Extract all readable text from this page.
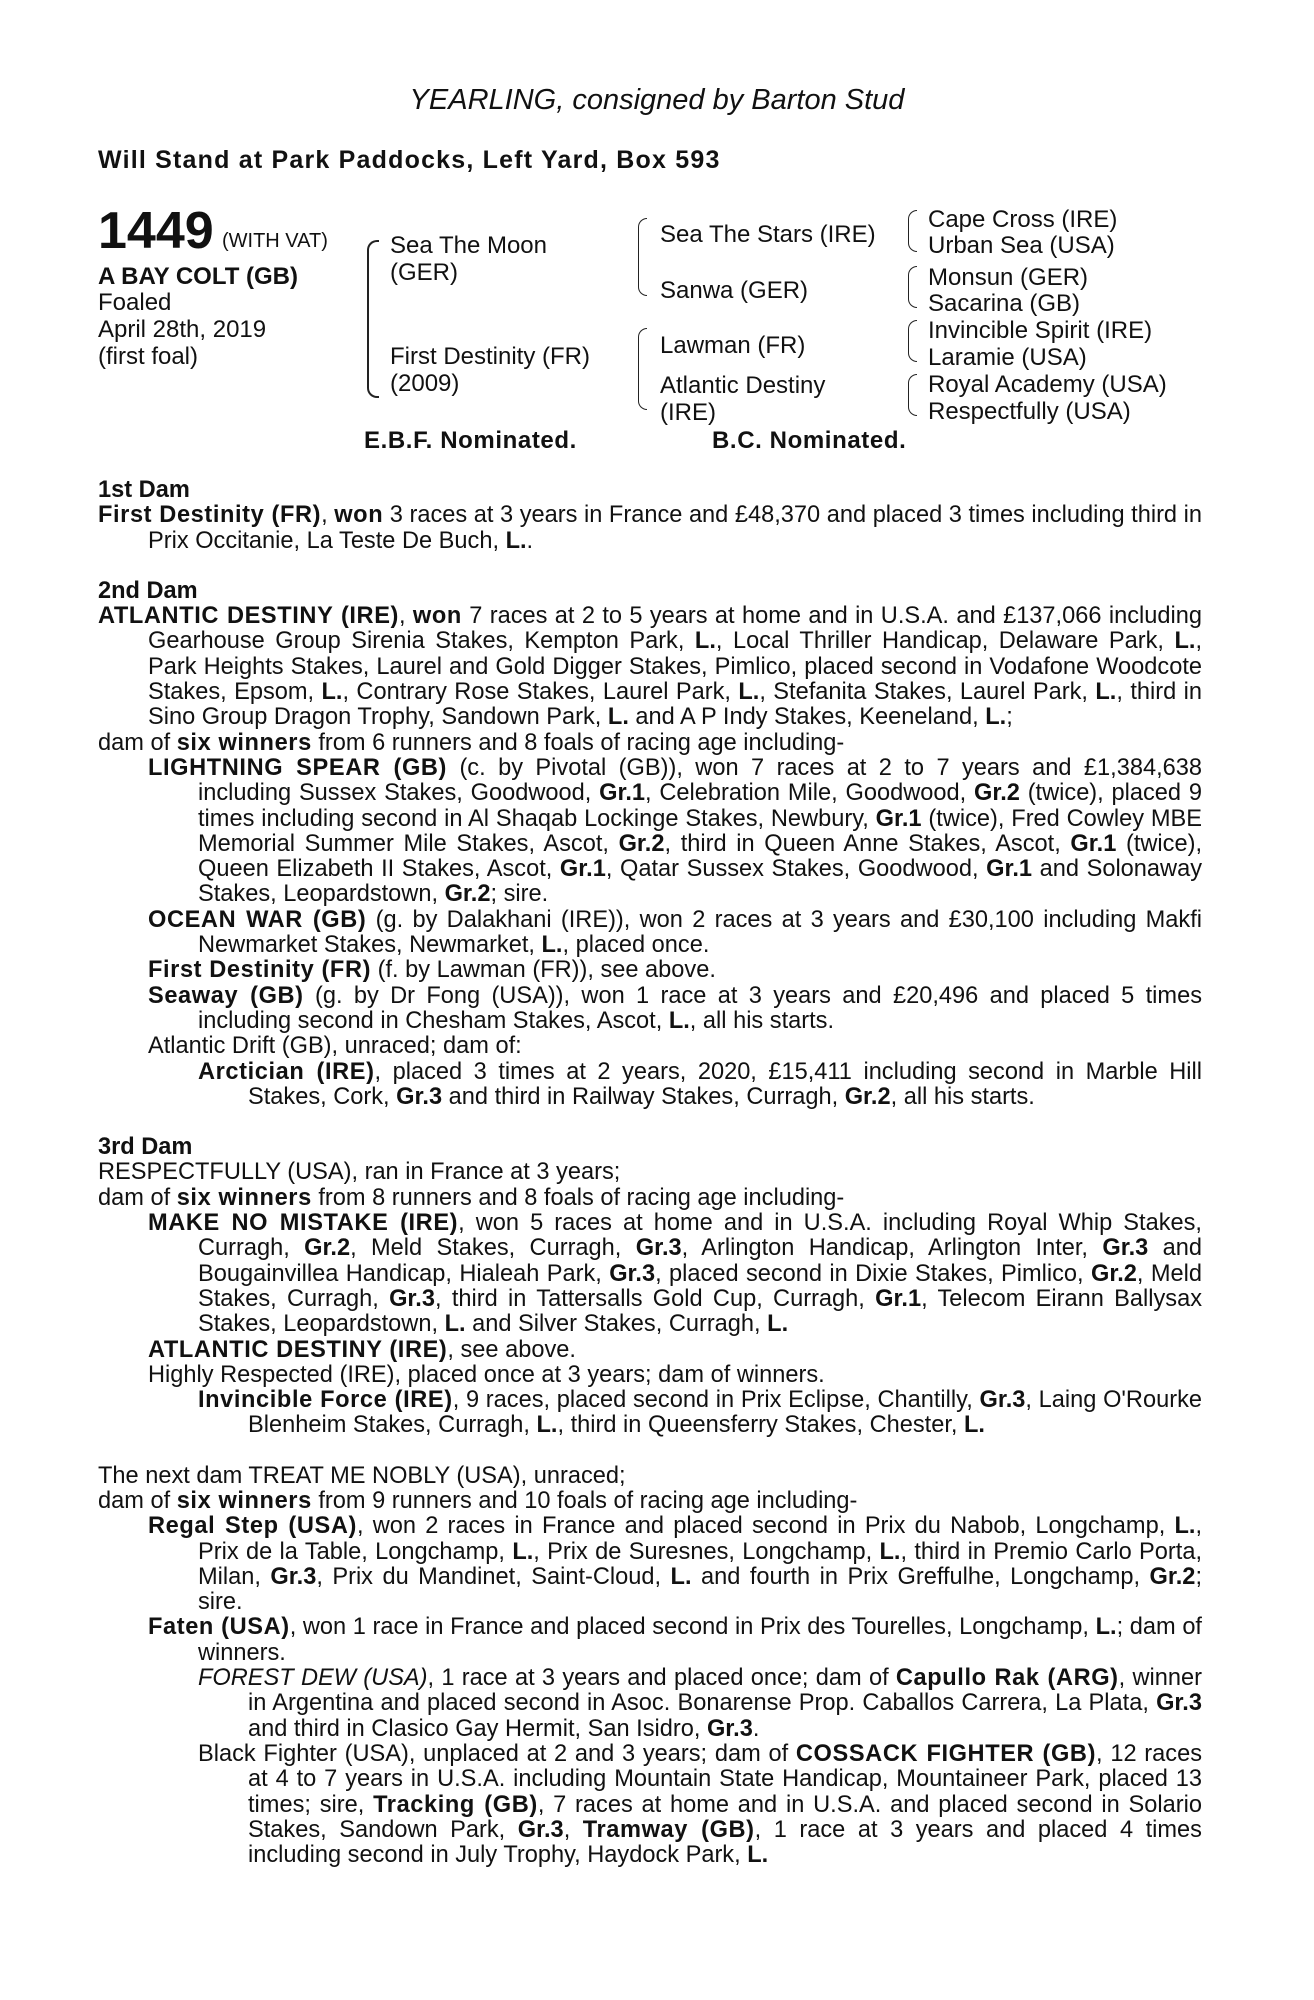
YEARLING, consigned by Barton Stud
Will Stand at Park Paddocks, Left Yard, Box 593
1449 (WITH VAT)
A BAY COLT (GB)
Foaled
April 28th, 2019
(first foal)
Sea The Moon
(GER)
First Destinity (FR)
(2009)
Sea The Stars (IRE)
Sanwa (GER)
Lawman (FR)
Atlantic Destiny
(IRE)
Cape Cross (IRE)
Urban Sea (USA)
Monsun (GER)
Sacarina (GB)
Invincible Spirit (IRE)
Laramie (USA)
Royal Academy (USA)
Respectfully (USA)
E.B.F. Nominated.	B.C. Nominated.

1st Dam

First Destinity (FR), won 3 races at 3 years in France and £48,370 and placed 3 times including third in Prix Occitanie, La Teste De Buch, L..

2nd Dam

ATLANTIC DESTINY (IRE), won 7 races at 2 to 5 years at home and in U.S.A. and £137,066 including Gearhouse Group Sirenia Stakes, Kempton Park, L., Local Thriller Handicap, Delaware Park, L., Park Heights Stakes, Laurel and Gold Digger Stakes, Pimlico, placed second in Vodafone Woodcote Stakes, Epsom, L., Contrary Rose Stakes, Laurel Park, L., Stefanita Stakes, Laurel Park, L., third in Sino Group Dragon Trophy, Sandown Park, L. and A P Indy Stakes, Keeneland, L.;

dam of six winners from 6 runners and 8 foals of racing age including-

LIGHTNING SPEAR (GB) (c. by Pivotal (GB)), won 7 races at 2 to 7 years and £1,384,638 including Sussex Stakes, Goodwood, Gr.1, Celebration Mile, Goodwood, Gr.2 (twice), placed 9 times including second in Al Shaqab Lockinge Stakes, Newbury, Gr.1 (twice), Fred Cowley MBE Memorial Summer Mile Stakes, Ascot, Gr.2, third in Queen Anne Stakes, Ascot, Gr.1 (twice), Queen Elizabeth II Stakes, Ascot, Gr.1, Qatar Sussex Stakes, Goodwood, Gr.1 and Solonaway Stakes, Leopardstown, Gr.2; sire.

OCEAN WAR (GB) (g. by Dalakhani (IRE)), won 2 races at 3 years and £30,100 including Makfi Newmarket Stakes, Newmarket, L., placed once.

First Destinity (FR) (f. by Lawman (FR)), see above.

Seaway (GB) (g. by Dr Fong (USA)), won 1 race at 3 years and £20,496 and placed 5 times including second in Chesham Stakes, Ascot, L., all his starts.

Atlantic Drift (GB), unraced; dam of:

Arctician (IRE), placed 3 times at 2 years, 2020, £15,411 including second in Marble Hill Stakes, Cork, Gr.3 and third in Railway Stakes, Curragh, Gr.2, all his starts.

3rd Dam

RESPECTFULLY (USA), ran in France at 3 years;

dam of six winners from 8 runners and 8 foals of racing age including-

MAKE NO MISTAKE (IRE), won 5 races at home and in U.S.A. including Royal Whip Stakes, Curragh, Gr.2, Meld Stakes, Curragh, Gr.3, Arlington Handicap, Arlington Inter, Gr.3 and Bougainvillea Handicap, Hialeah Park, Gr.3, placed second in Dixie Stakes, Pimlico, Gr.2, Meld Stakes, Curragh, Gr.3, third in Tattersalls Gold Cup, Curragh, Gr.1, Telecom Eirann Ballysax Stakes, Leopardstown, L. and Silver Stakes, Curragh, L.

ATLANTIC DESTINY (IRE), see above.

Highly Respected (IRE), placed once at 3 years; dam of winners.

Invincible Force (IRE), 9 races, placed second in Prix Eclipse, Chantilly, Gr.3, Laing O'Rourke Blenheim Stakes, Curragh, L., third in Queensferry Stakes, Chester, L.

The next dam TREAT ME NOBLY (USA), unraced;

dam of six winners from 9 runners and 10 foals of racing age including-

Regal Step (USA), won 2 races in France and placed second in Prix du Nabob, Longchamp, L., Prix de la Table, Longchamp, L., Prix de Suresnes, Longchamp, L., third in Premio Carlo Porta, Milan, Gr.3, Prix du Mandinet, Saint-Cloud, L. and fourth in Prix Greffulhe, Longchamp, Gr.2; sire.

Faten (USA), won 1 race in France and placed second in Prix des Tourelles, Longchamp, L.; dam of winners.

FOREST DEW (USA), 1 race at 3 years and placed once; dam of Capullo Rak (ARG), winner in Argentina and placed second in Asoc. Bonarense Prop. Caballos Carrera, La Plata, Gr.3 and third in Clasico Gay Hermit, San Isidro, Gr.3.

Black Fighter (USA), unplaced at 2 and 3 years; dam of COSSACK FIGHTER (GB), 12 races at 4 to 7 years in U.S.A. including Mountain State Handicap, Mountaineer Park, placed 13 times; sire, Tracking (GB), 7 races at home and in U.S.A. and placed second in Solario Stakes, Sandown Park, Gr.3, Tramway (GB), 1 race at 3 years and placed 4 times including second in July Trophy, Haydock Park, L.
